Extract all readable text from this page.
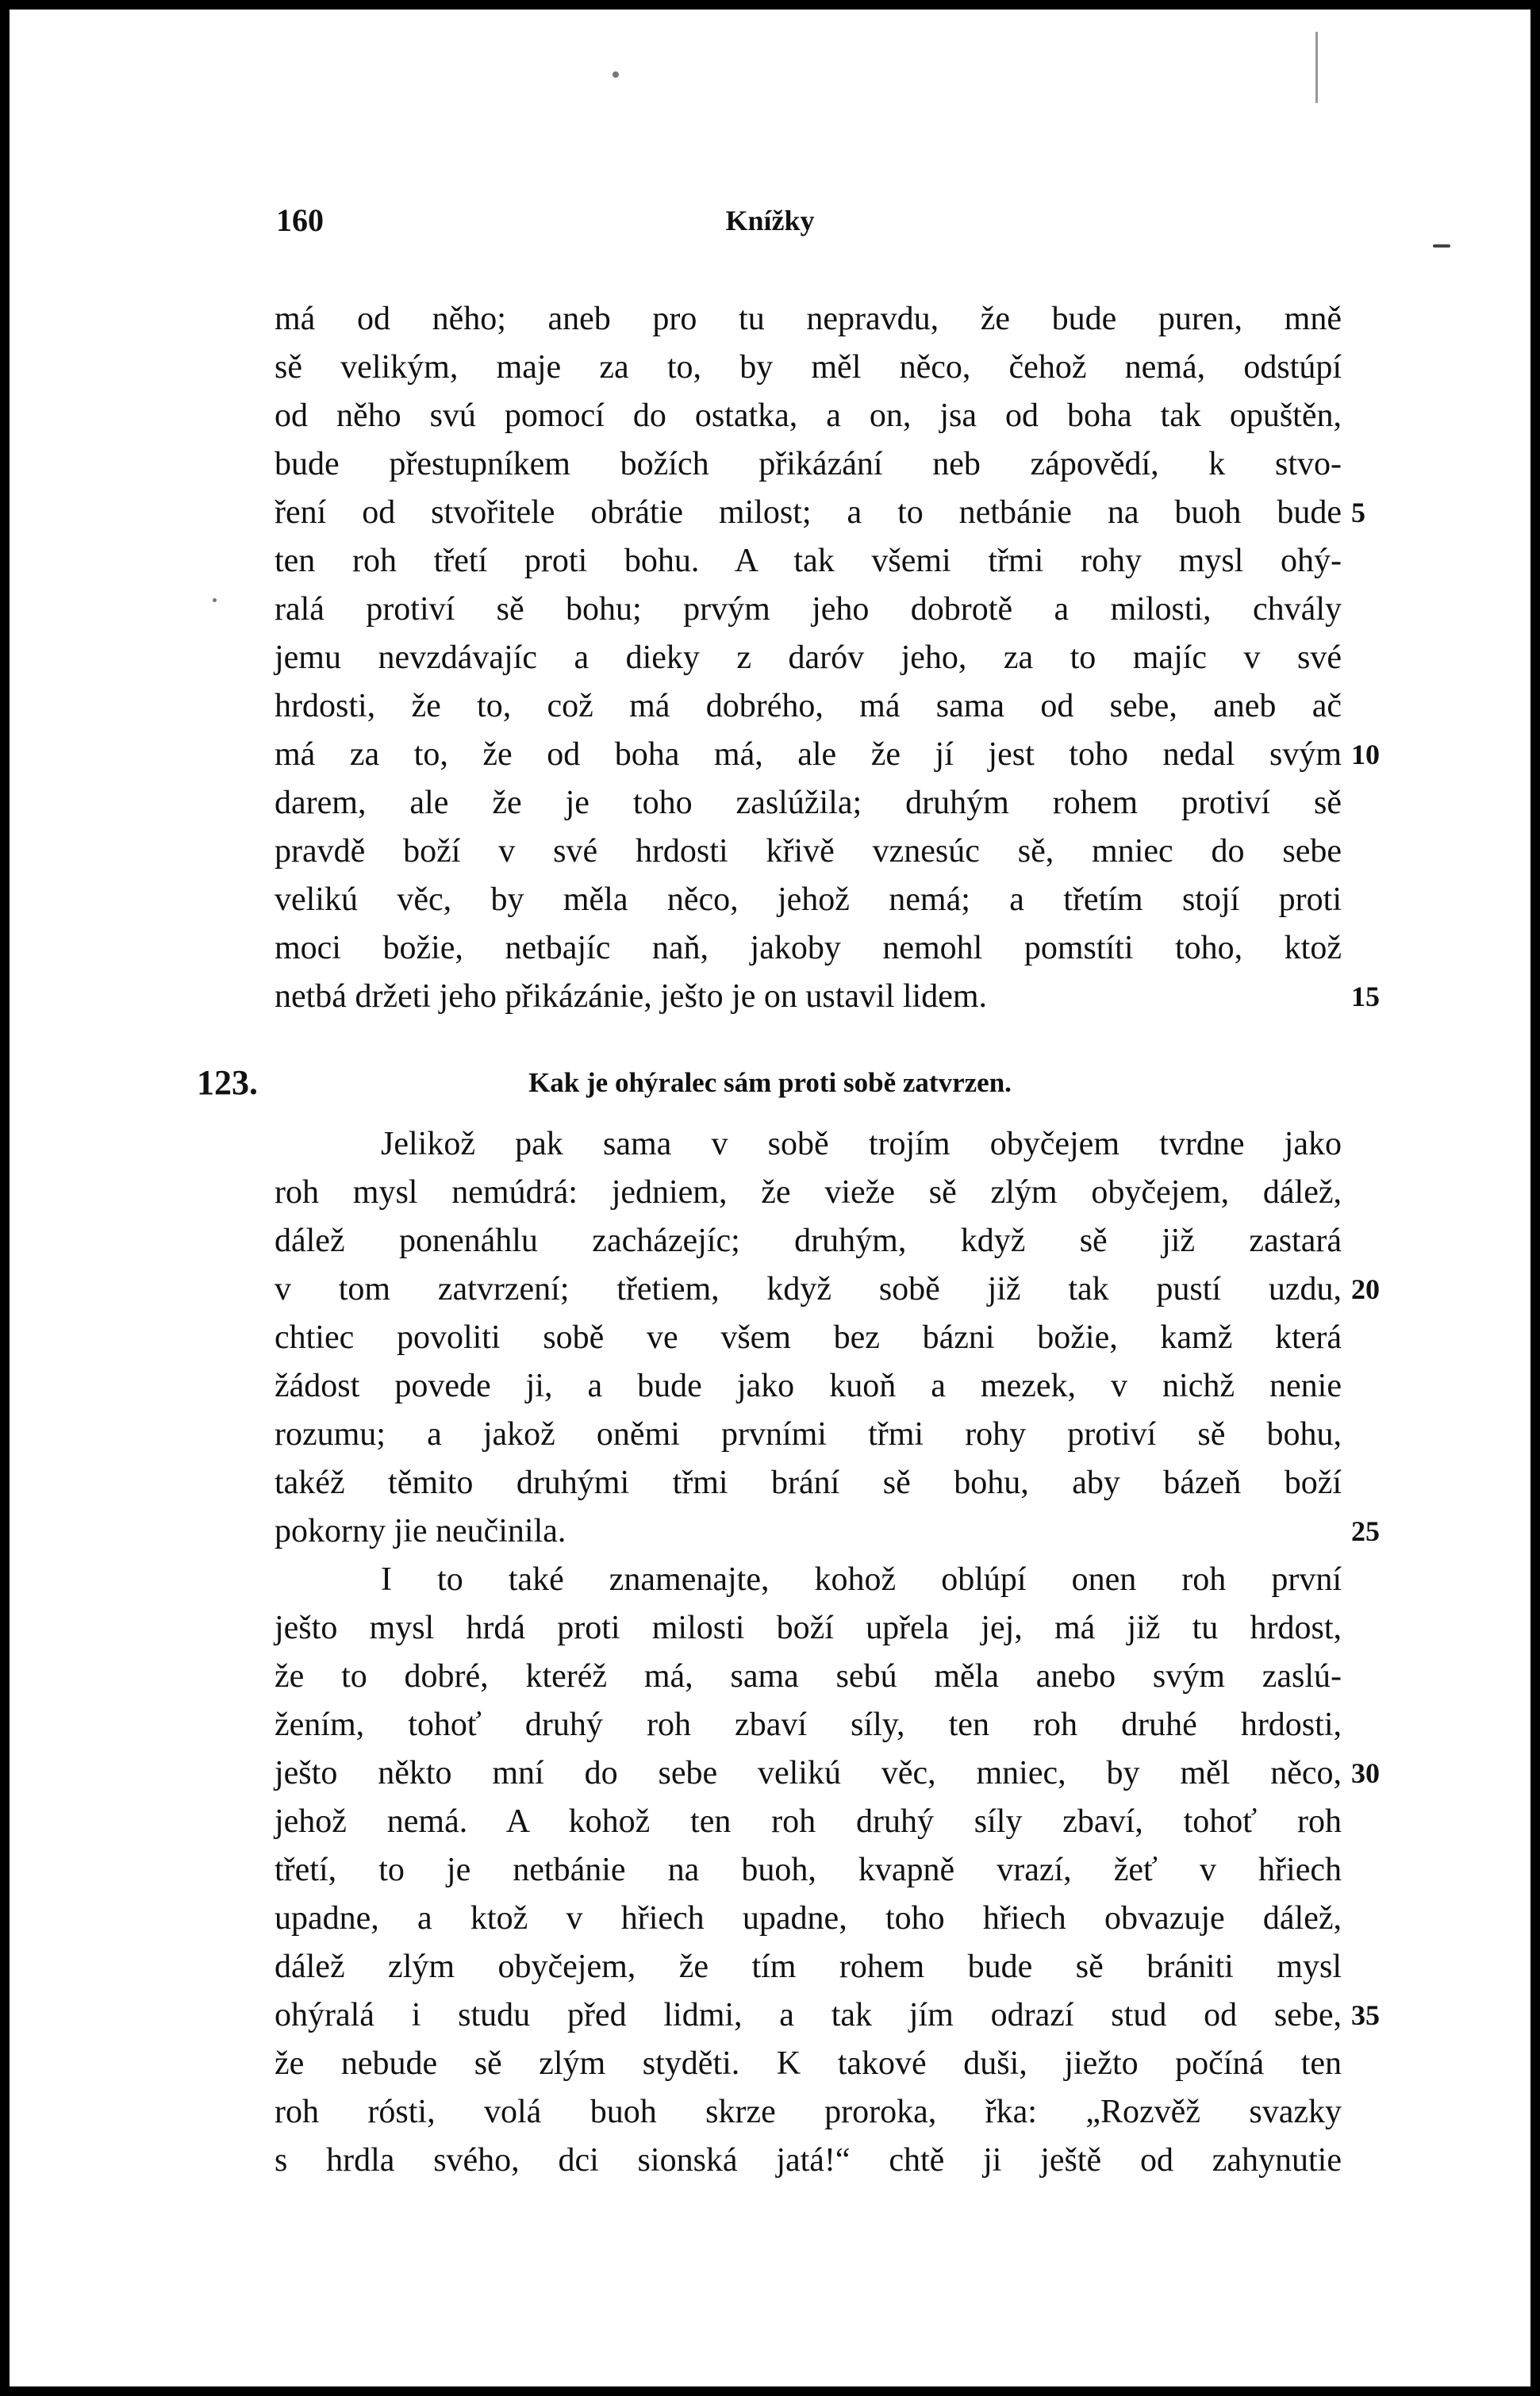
160	Knížky
má od něho; aneb pro tu nepravdu, že bude puren, mně
sě velikým, maje za to, by měl něco, čehož nemá, odstúpí
od něho svú pomocí do ostatka, a on, jsa od boha tak opuštěn,
bude přestupníkem božích přikázání neb zápovědí, k stvo-
ření od stvořitele obrátie milost; a to netbánie na buoh bude
ten roh třetí proti bohu. A tak všemi třmi rohy mysl ohý-
ralá protiví sě bohu; prvým jeho dobrotě a milosti, chvály
jemu nevzdávajíc a dieky z daróv jeho, za to majíc v své
hrdosti, že to, což má dobrého, má sama od sebe, aneb ač
má za to, že od boha má, ale že jí jest toho nedal svým
darem, ale že je toho zaslúžila; druhým rohem protiví sě
pravdě boží v své hrdosti křivě vznesúc sě, mniec do sebe
velikú věc, by měla něco, jehož nemá; a třetím stojí proti
moci božie, netbajíc naň, jakoby nemohl pomstíti toho, ktož
netbá držeti jeho přikázánie, ješto je on ustavil lidem.
123.	Kak je ohýralec sám proti sobě zatvrzen.
Jelikož pak sama v sobě trojím obyčejem tvrdne jako
roh mysl nemúdrá: jedniem, že vieže sě zlým obyčejem, dálež,
dálež ponenáhlu zacházejíc; druhým, když sě již zastará
v tom zatvrzení; třetiem, když sobě již tak pustí uzdu,
chtiec povoliti sobě ve všem bez bázni božie, kamž která
žádost povede ji, a bude jako kuoň a mezek, v nichž nenie
rozumu; a jakož oněmi prvními třmi rohy protiví sě bohu,
takéž těmito druhými třmi brání sě bohu, aby bázeň boží
pokorny jie neučinila.
I to také znamenajte, kohož oblúpí onen roh první
ješto mysl hrdá proti milosti boží upřela jej, má již tu hrdost,
že to dobré, kteréž má, sama sebú měla anebo svým zaslú-
žením, tohoť druhý roh zbaví síly, ten roh druhé hrdosti,
ješto někto mní do sebe velikú věc, mniec, by měl něco,
jehož nemá. A kohož ten roh druhý síly zbaví, tohoť roh
třetí, to je netbánie na buoh, kvapně vrazí, žeť v hřiech
upadne, a ktož v hřiech upadne, toho hřiech obvazuje dálež,
dálež zlým obyčejem, že tím rohem bude sě brániti mysl
ohýralá i studu před lidmi, a tak jím odrazí stud od sebe,
že nebude sě zlým styděti. K takové duši, jiežto počíná ten
roh rósti, volá buoh skrze proroka, řka: „Rozvěž svazky
s hrdla svého, dci sionská jatá!“ chtě ji ještě od zahynutie
5
10
15
20
25
30
35
